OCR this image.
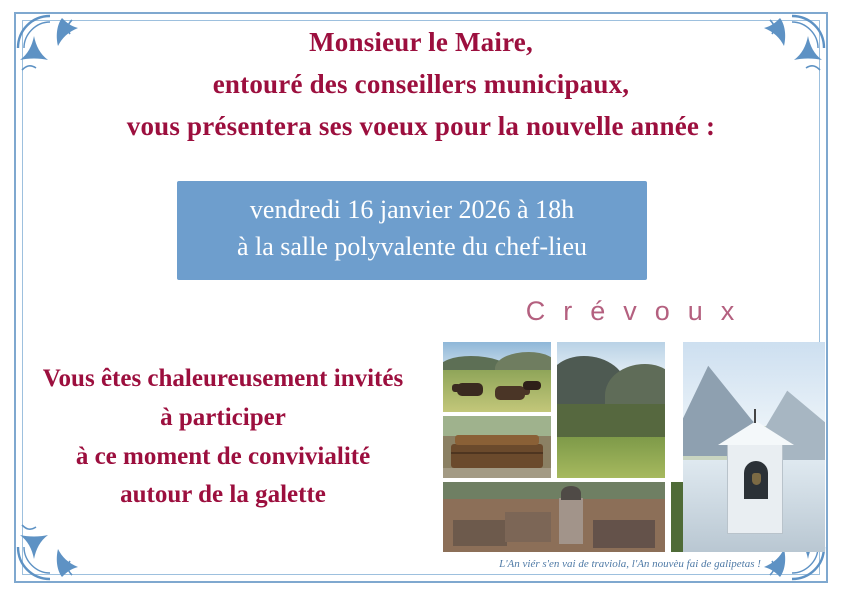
Monsieur le Maire,
entouré des conseillers municipaux,
vous présentera ses voeux pour la nouvelle année :
vendredi 16 janvier 2026 à 18h
à la salle polyvalente du chef-lieu
Vous êtes chaleureusement invités
à participer
à ce moment de convivialité
autour de la galette
Crévoux
L'An viér s'en vai de traviola, l'An nouvèu fai de galipetas !
